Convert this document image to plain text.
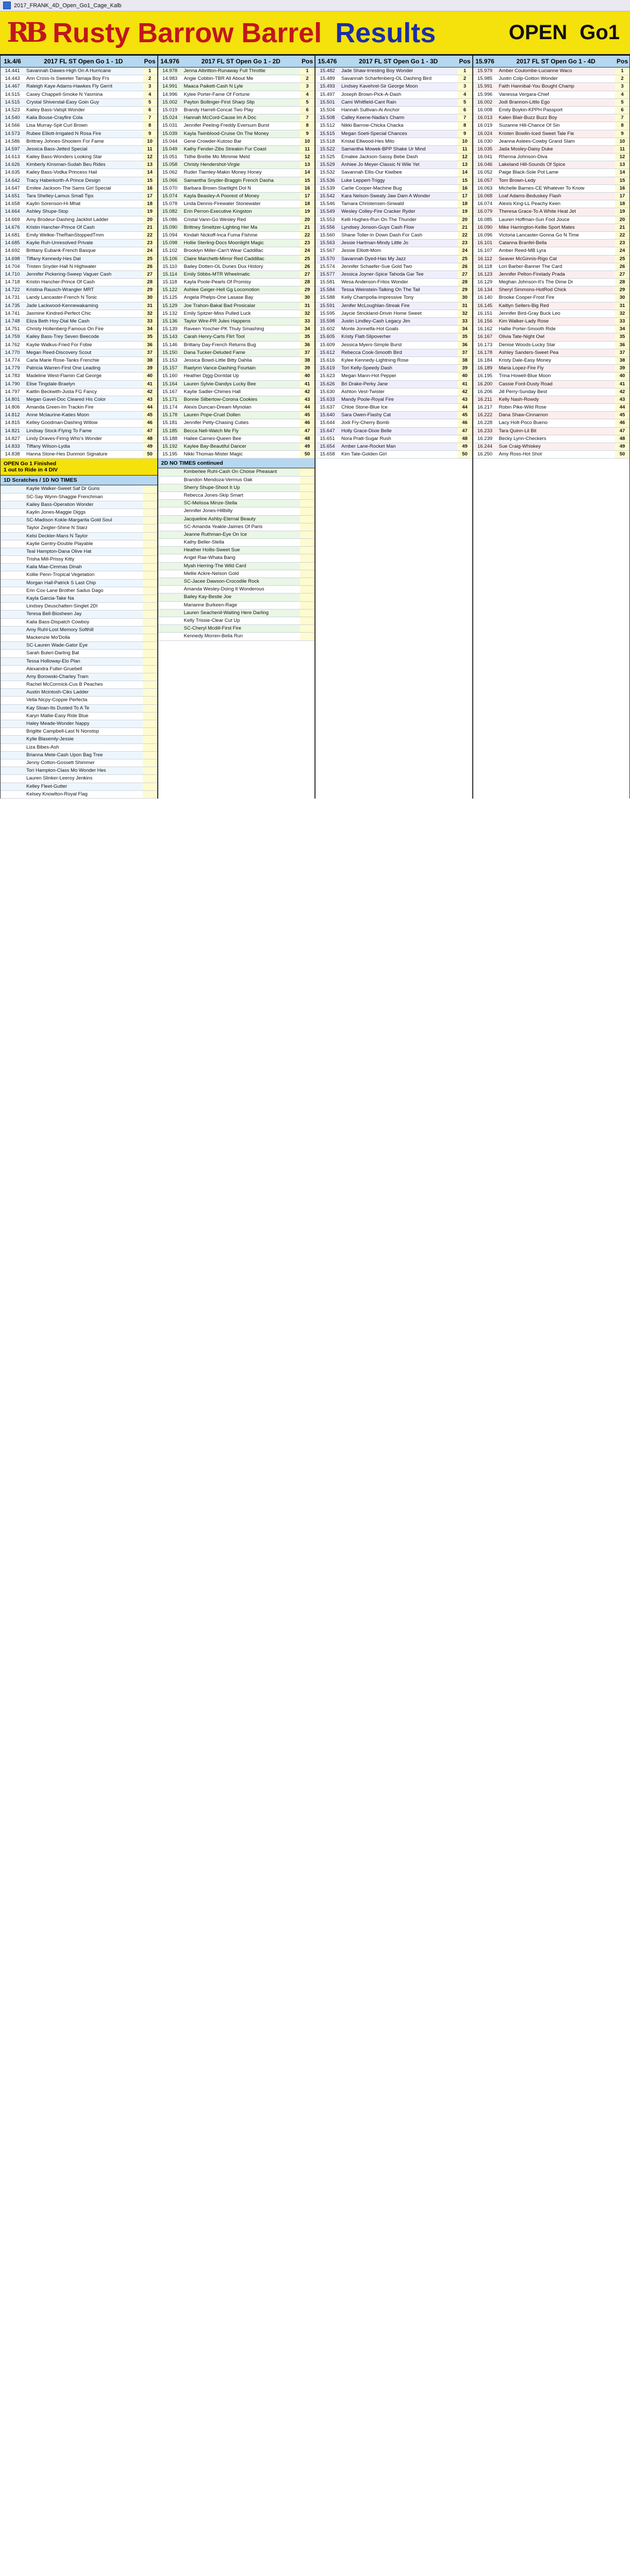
2017_FRANK_4D_Open_Go1_Cage_Kalb
RB Rusty Barrow Barrel Results	OPEN Go1
1k.4/6	2017 FL ST Open Go 1 - 1D	Pos
14.441	Savannah Dawes-High On A Hurricane	1
14.443	Ann Cross-Is Sweeter Tamaja Boy Frs	2
14.467	Raleigh Kaye Adams-Hawkes Fly Gerrit	3
14.515	Casey Chappell-Smoke N Yasmina	4
14.515	Crystal Shiverstal-Easy Goin Guy	5
14.523	Kailey Bass-Vatsjit Wonder	6
14.540	Kaila Bouse-Crayfire Cola	7
14.566	Lisa Murray-Spit Curl Brown	8
14.573	Rubee Elliott-Irrigated N Rosa Fire	9
14.586	Brittney Johnes-Shootem For Fame	10
14.597	Jessica Bass-Jetted Special	11
14.613	Kailey Bass-Wonders Looking Star	12
14.626	Kimberly Kinsman-Sudah Beu Rides	13
14.635	Kailey Bass-Vodka Princess Hail	14
14.642	Tracy Haberkorth-A Prince Design	15
14.647	Emilee Jackson-The Sams Girl Special	16
14.651	Tara Shelley-Lamus Small Tips	17
14.658	Kaylin Sorenson-Hi Mhat	18
14.664	Ashley Shupe-Stop	19
14.669	Amy Brodeur-Dashing Jacklist Ladder	20
14.676	Kristin Hancher-Prince Of Cash	21
14.681	Emily Welkie-TheRainStoppedTmm	22
14.685	Kaylie Ruh-Unresolved Private	23
14.692	Brittany Eubank-French Basque	24
14.698	Tiffany Kennedy-Hes Dat	25
14.704	Tristen Snyder-Hall N Highwater	26
14.710	Jennifer Pickering-Sweep Vaguer Cash	27
14.718	Kristin Hancher-Prince Of Cash	28
14.722	Kristina Rausch-Wrangler MRT	29
14.731	Landy Lancaster-French N Tonic	30
14.735	Jade Lackwood-Kennewakaming	31
14.741	Jasmine Kindred-Perfect Chic	32
14.748	Eliza Beth Hoy-Dial Me Cash	33
14.751	Christy Hollenberg-Famous On Fire	34
14.759	Kailey Bass-Trey Seven Beecode	35
14.762	Kaylie Walkus-Fried For Fobie	36
14.770	Megan Reed-Discovery Scout	37
14.774	Carla Marie Rose-Tanks Frenchie	38
14.779	Patricia Warren-First One Leading	39
14.783	Madeline West-Flamin Cat George	40
14.790	Elise Tingdale-Braelyn	41
14.797	Kaitlin Beckwith-Justa FG Fancy	42
14.801	Megan Gavel-Doc Cleared His Color	43
14.806	Amanda Green-Im Trackin Fire	44
14.812	Anne Mclaurine-Katies Moon	45
14.815	Kelley Goodman-Dashing Willow	46
14.821	Lindsay Stock-Flying To Fame	47
14.827	Lindy Draves-Firing Who's Wonder	48
14.833	Tiffany Wilson-Lydia	49
14.838	Hanna Stone-Hes Dunmon Signature	50
OPEN Go 1 Finished
1 out to Ride in 4 DIV
1D Scratches / 1D NO TIMES
Kaylie Walker-Sweet Saf Dr Guns
SC-Say Wynn-Shaggie Frenchman
Kailey Bass-Operation Wonder
Kaylin Jones-Maggie Diggs
SC-Madison Kokle-Margarita Gold Soul
Taylor Zeigler-Shine N Starz
Kelsi Deckler-Mans N Taylor
Kaylie Gentry-Double Playable
Teal Hampton-Dana Olive Hat
Trisha Mill-Prissy Kitty
Kaila Mae-Cimmas Dinah
Kollie Penn-Tropical Vegetation
Morgan Hall-Patrick S Last Chip
Erin Cox-Lane Brother Sadus Dago
Kayla Garcia-Take Na
Lindsey Deuschatten-Singlet 2DI
Teresa Bell-Biosheen Jay
Kaila Bass-Dispatch Cowboy
Amy Ruhl-Lost Memory Softhill
Mackenzie Mo'Dolla
SC-Lauren Wade-Gator Eye
Sarah Buleri-Darling Bat
Tessa Holloway-Elo Plan
Alexandra Fuller-Gruebell
Amy Borowski-Charley Tram
Rachel McCormick-Cus B Peaches
Austin Mcintosh-Ciks Ladder
Vella Nicpy-Coppie Perfecta
Kay Sloan-Its Dusted To A Te
Karyn Mallie-Easy Ride Blue
Haley Meade-Wonder Nappy
Brigitte Campbell-Last N Nonstop
Kylie Blasemly-Jessie
Liza Bibes-Ash
Brianna Mete-Cash Upon Bag Tree
Jenny Cotton-Gossett Shimmer
Tori Hampton-Class Mo Wonder Hes
Lauren Slinker-Leeroy Jenkins
Kelley Fleet-Gutter
Kelsey Knowlton-Royal Flag
14.976	2017 FL ST Open Go 1 - 2D	Pos
14.978	Jenna Albritton-Runaway Full Throttle	1
14.983	Angie Cobbin-TBR All About Me	2
14.991	Maaca Paikett-Cash N Lyle	3
14.996	Kylee Porter-Fame Of Fortune	4
15.002	Payton Bollinger-First Sharp Slip	5
15.019	Brandy Harrell-Concat Two Play	6
15.024	Hannah McCord-Cause Im A Doc	7
15.031	Jennifer Peeling-Freddy Eversum Burst	8
15.039	Kayla Twinblood-Cruise On The Money	9
15.044	Gene Crowder-Kutoso Bar	10
15.049	Kathy Fender-Zibs Streakin Fur Coast	11
15.051	Tidhe Bretlie Mo Mimmie Meld	12
15.058	Christy Hendershot-Virgie	13
15.062	Ruder Tiamley-Makin Money Honey	14
15.066	Samantha Snyder-Braggin French Dasha	15
15.070	Barbara Brown-Startlight Dol N	16
15.074	Kayla Beasley-A Poorest of Money	17
15.078	Linda Dennis-Firewater Stonewater	18
15.082	Erin Perron-Executive Kingston	19
15.086	Cristal Vann-Go Wesley Red	20
15.090	Brittney Smeltzer-Lighting Her Ma	21
15.094	Kindah Nickoff-Inca Fuma Fishme	22
15.098	Hollie Sterling-Docs Moonlight Magic	23
15.102	Brooklyn Miller-Can't Wear Caddillac	24
15.106	Claire Marchetti-Mirror Red Caddillac	25
15.110	Bailey Dotten-OL Dunes Dux History	26
15.114	Emily Stibbs-MTR Wheelmatic	27
15.118	Kayla Poole-Pearls Of Promisy	28
15.122	Ashlee Geiger-Hell Gg Locomotion	29
15.125	Angela Phelps-One Lasase Bay	30
15.129	Joe Trahon-Bakal Bad Prosicalar	31
15.132	Emily Spitzer-Miss Pulled Luck	32
15.136	Taylor Wire-PR Jules Happens	33
15.139	Raveen Yoscher-PK Thuly Smashing	34
15.143	Carah Henry-Carts Flirt Tool	35
15.146	Brittany Day-French Returns Bug	36
15.150	Dana Tucker-Deluded Fame	37
15.153	Jessica Bowd-Little Bitty Dahlia	38
15.157	Raelynn Vance-Dashing Fourtain	39
15.160	Heather Djgg-Dontdat Up	40
15.164	Lauren Sylvie-Dandys Lucky Bee	41
15.167	Kaylie Sadler-Chimes Hall	42
15.171	Bonnie Silbertow-Corona Cookies	43
15.174	Alexis Duncan-Dream Mynolan	44
15.178	Lauren Pope-Cruel Dollen	45
15.181	Jennifer Petty-Chasing Cuties	46
15.185	Becca Nell-Watch Me Fly	47
15.188	Hailee Carnes-Queen Bee	48
15.192	Kaylee Bay-Beautiful Dancer	49
15.195	Nikki Thomas-Mister Magic	50
2D NO TIMES continued
Kimberlee Ruhl-Cash On Choise Pheasant
Brandon Mendoza-Vermus Oak
Sherry Shupe-Shoot It Up
Rebecca Jones-Skip Smart
SC-Melissa Minze-Stella
Jennifer Jones-Hillbilly
Jacqueline Ashby-Eternal Beauty
SC-Amanda Yeakle-Jaimes Of Paris
Jeanne Ruthman-Eye On Ice
Kathy Beller-Stella
Heather Hollis-Sweet Sue
Angel Rae-Whata Bang
Myah Herring-The Wild Card
Mellie Ackre-Nelson Gold
SC-Jacee Dawson-Crocodile Rock
Amanda Wesley-Doing It Wonderous
Bailey Kay-Bestie Joe
Marianne Burkeen-Rage
Lauren Seachenil-Waiting Here Darling
Kelly Trissie-Clear Cut Up
SC-Cheryl Mcdill-First Fire
Kennedy Morren-Bella Run
15.476	2017 FL ST Open Go 1 - 3D	Pos
15.482	Jade Shaw-Irresting Boy Wonder	1
15.489	Savannah Scharfenberg-OL Dashing Bird	2
15.493	Lindsey Kavehrel-Sir George Moon	3
15.497	Joseph Brown-Pick-A-Dash	4
15.501	Cami Whitfield-Cant Rain	5
15.504	Hannah Sullivan-Ai Anchor	6
15.508	Calley Keene-Nadia's Charm	7
15.512	Nikki Barrow-Chicka Chacka	8
15.515	Megan Soeti-Special Chances	9
15.518	Kristal Ellwood-Hes Mito	10
15.522	Samantha Mowek-BPP Shake Ur Mind	11
15.525	Emalee Jackson-Sassy Bebe Dash	12
15.529	Anhiee Jo Meyer-Classic N Wile Yet	13
15.532	Savannah Ellis-Our Kiwibee	14
15.536	Luke Leppert-Triggy	15
15.539	Carlie Cooper-Machine Bug	16
15.542	Kara Nelson-Sweaty Jaw Dam A Wonder	17
15.546	Tamara Christensen-Sinwald	18
15.549	Wesley Colley-Fire Cracker Ryder	19
15.553	Kelli Hughes-Run On The Thunder	20
15.556	Lyndsey Jonson-Guys Cash Flow	21
15.560	Shane Toller-In Down Dash For Cash	22
15.563	Jessie Hartman-Mindy Little Jo	23
15.567	Jessie Elliott-Mom	24
15.570	Savannah Dyed-Has My Jazz	25
15.574	Jennifer Schaefer-Sue Gold Two	26
15.577	Jessica Joyner-Spice Tahoda Gar Tee	27
15.581	Wesa Anderson-Fritos Wonder	28
15.584	Tessa Weinstein-Talking On The Tail	29
15.588	Kelly Champolla-Impressive Tony	30
15.591	Jenifer McLoughlan-Streak Fire	31
15.595	Jaycie Strickland-Drivin Home Sweet	32
15.598	Justin Lindley-Cash Legacy Jim	33
15.602	Monte Jonnelfa-Hot Goats	34
15.605	Kristy Flatt-Slipoverher	35
15.609	Jessica Myers-Simple Burst	36
15.612	Rebecca Cook-Smooth Bird	37
15.616	Kylee Kennedy-Lightning Rose	38
15.619	Tori Kelly-Speedy Dash	39
15.623	Megan Mann-Hot Pepper	40
15.626	Bri Drake-Perky Jane	41
15.630	Ashton Vest-Twister	42
15.633	Mandy Poole-Royal Fire	43
15.637	Chloe Stone-Blue Ice	44
15.640	Sara Owen-Flashy Cat	45
15.644	Jodi Fry-Cherry Bomb	46
15.647	Holly Grace-Dixie Belle	47
15.651	Nora Pratt-Sugar Rush	48
15.654	Amber Lane-Rocket Man	49
15.658	Kim Tate-Golden Girl	50
15.976	2017 FL ST Open Go 1 - 4D	Pos
15.979	Amber Coulombe-Lucianne Waco	1
15.985	Justin Colp-Gotton Wonder	2
15.991	Faith Hannibal-You Bought Champ	3
15.996	Vanessa Vergara-Chief	4
16.002	Jodi Brannon-Littlo Ego	5
16.008	Emily Boykin-KPPH Passport	6
16.013	Kalen Blair-Buzz Buzz Boy	7
16.019	Suzanne Hill-Chance Of Sin	8
16.024	Kristen Bowlin-Iced Sweet Tale Fie	9
16.030	Jeanna Aslees-Cowby Grand Slam	10
16.035	Jada Mosley-Daisy Duke	11
16.041	Rhenna Johnson-Diva	12
16.046	Lakeland Hill-Sounds Of Spice	13
16.052	Paige Black-Sole Pot Lame	14
16.057	Tom Brown-Ledy	15
16.063	Michelle Barnes-CE Whatever To Know	16
16.068	Loaf Adams-Beduskey Flash	17
16.074	Alexis King-LL Peachy Keen	18
16.079	Theresa Grace-To A White Heat Jet	19
16.085	Lauren Hoffman-Sun Fool Jouce	20
16.090	Mike Harrington-Kellie Sport Mates	21
16.096	Victoria Lancaster-Gonna Go N Time	22
16.101	Catanna Branfel-Bella	23
16.107	Amber Reed-MB Lyra	24
16.112	Seaver McGinnis-Rigo Cat	25
16.118	Lori Barber-Banner The Card	26
16.123	Jennifer Pelton-Firelady Prada	27
16.129	Meghan Johnson-It's The Dime Dr	28
16.134	Sheryl Simmons-HotRod Chick	29
16.140	Brooke Cooper-Frost Fire	30
16.145	Kaitlyn Sellers-Big Red	31
16.151	Jennifer Bird-Gray Buck Leo	32
16.156	Kim Walker-Lady Rose	33
16.162	Hallie Porter-Smooth Ride	34
16.167	Olivia Tate-Night Owl	35
16.173	Denise Woods-Lucky Star	36
16.178	Ashley Sanders-Sweet Pea	37
16.184	Kristy Dale-Easy Money	38
16.189	Maria Lopez-Fire Fly	39
16.195	Trina Howell-Blue Moon	40
16.200	Cassie Ford-Dusty Road	41
16.206	Jill Perry-Sunday Best	42
16.211	Kelly Nash-Rowdy	43
16.217	Robin Pike-Wild Rose	44
16.222	Dana Shaw-Cinnamon	45
16.228	Lacy Holt-Poco Bueno	46
16.233	Tara Quinn-Lil Bit	47
16.239	Becky Lynn-Checkers	48
16.244	Sue Craig-Whiskey	49
16.250	Amy Ross-Hot Shot	50
